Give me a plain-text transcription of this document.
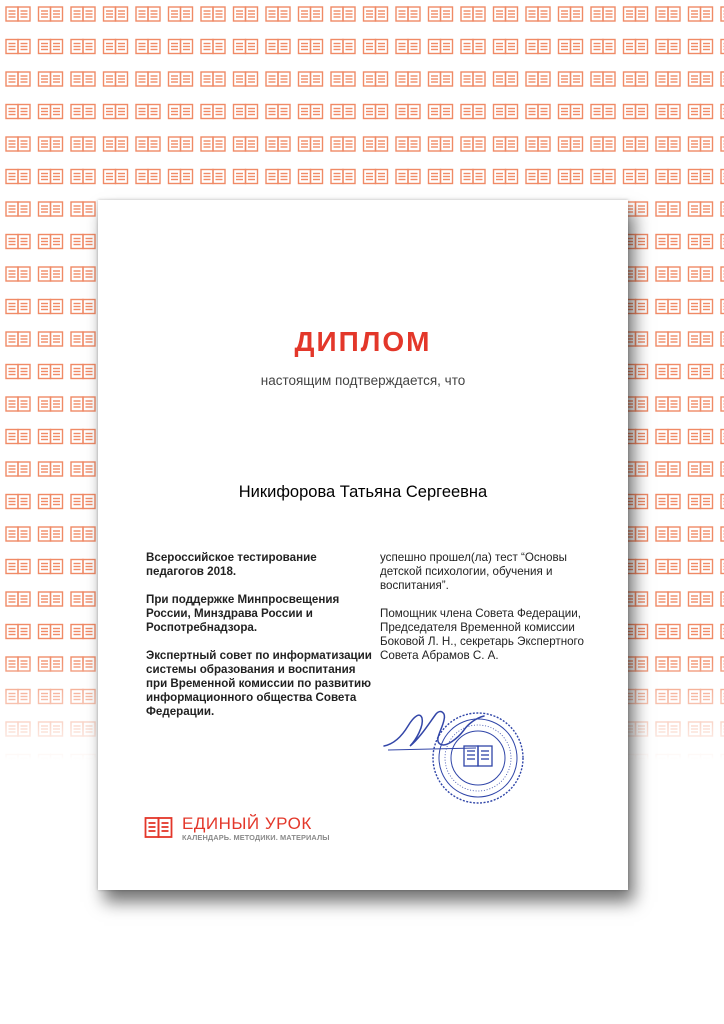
ДИПЛОМ
настоящим подтверждается, что
Никифорова Татьяна Сергеевна

Всероссийское тестирование педагогов 2018.

При поддержке Минпросвещения России, Минздрава России и Роспотребнадзора.

Экспертный совет по информатизации системы образования и воспитания при Временной комиссии по развитию информационного общества Совета Федерации.

успешно прошел(ла) тест “Основы детской психологии, обучения и воспитания”.

Помощник члена Совета Федерации, Председателя Временной комиссии Боковой Л. Н., секретарь Экспертного Совета Абрамов С. А.

ЕДИНЫЙ УРОК
КАЛЕНДАРЬ. МЕТОДИКИ. МАТЕРИАЛЫ
